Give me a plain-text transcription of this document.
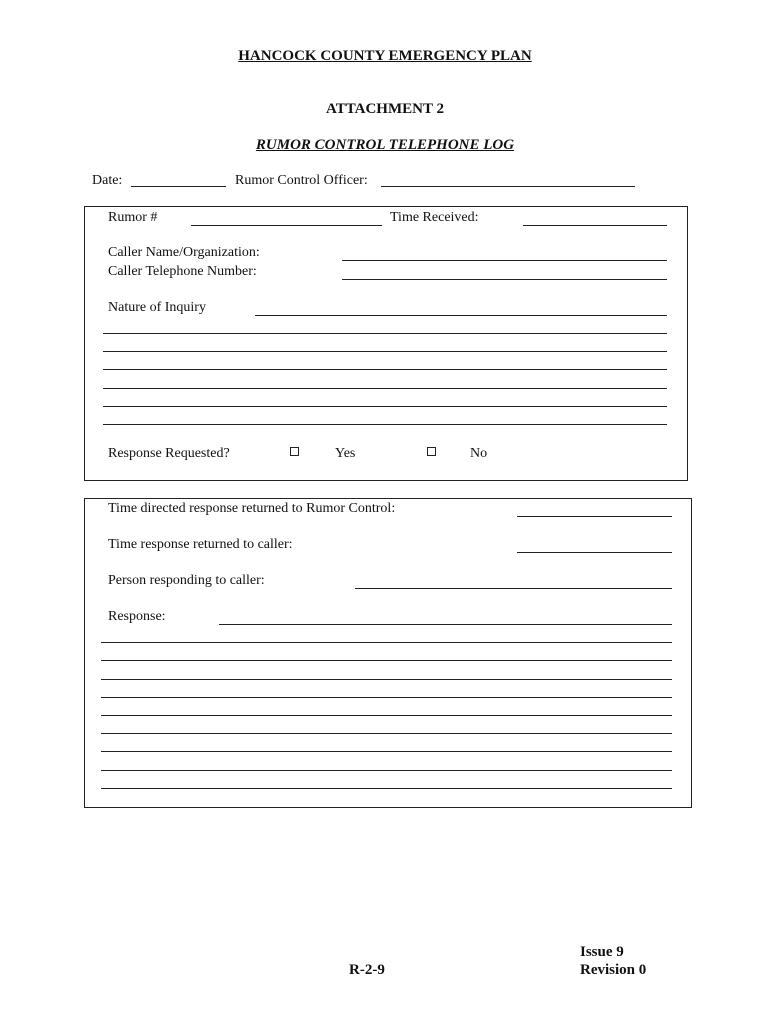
HANCOCK COUNTY EMERGENCY PLAN
ATTACHMENT 2
RUMOR CONTROL TELEPHONE LOG
Date:	Rumor Control Officer:
Rumor #	Time Received:
Caller Name/Organization:
Caller Telephone Number:
Nature of Inquiry
Response Requested?	Yes	No
Time directed response returned to Rumor Control:
Time response returned to caller:
Person responding to caller:
Response:
R-2-9
Issue 9
Revision 0
